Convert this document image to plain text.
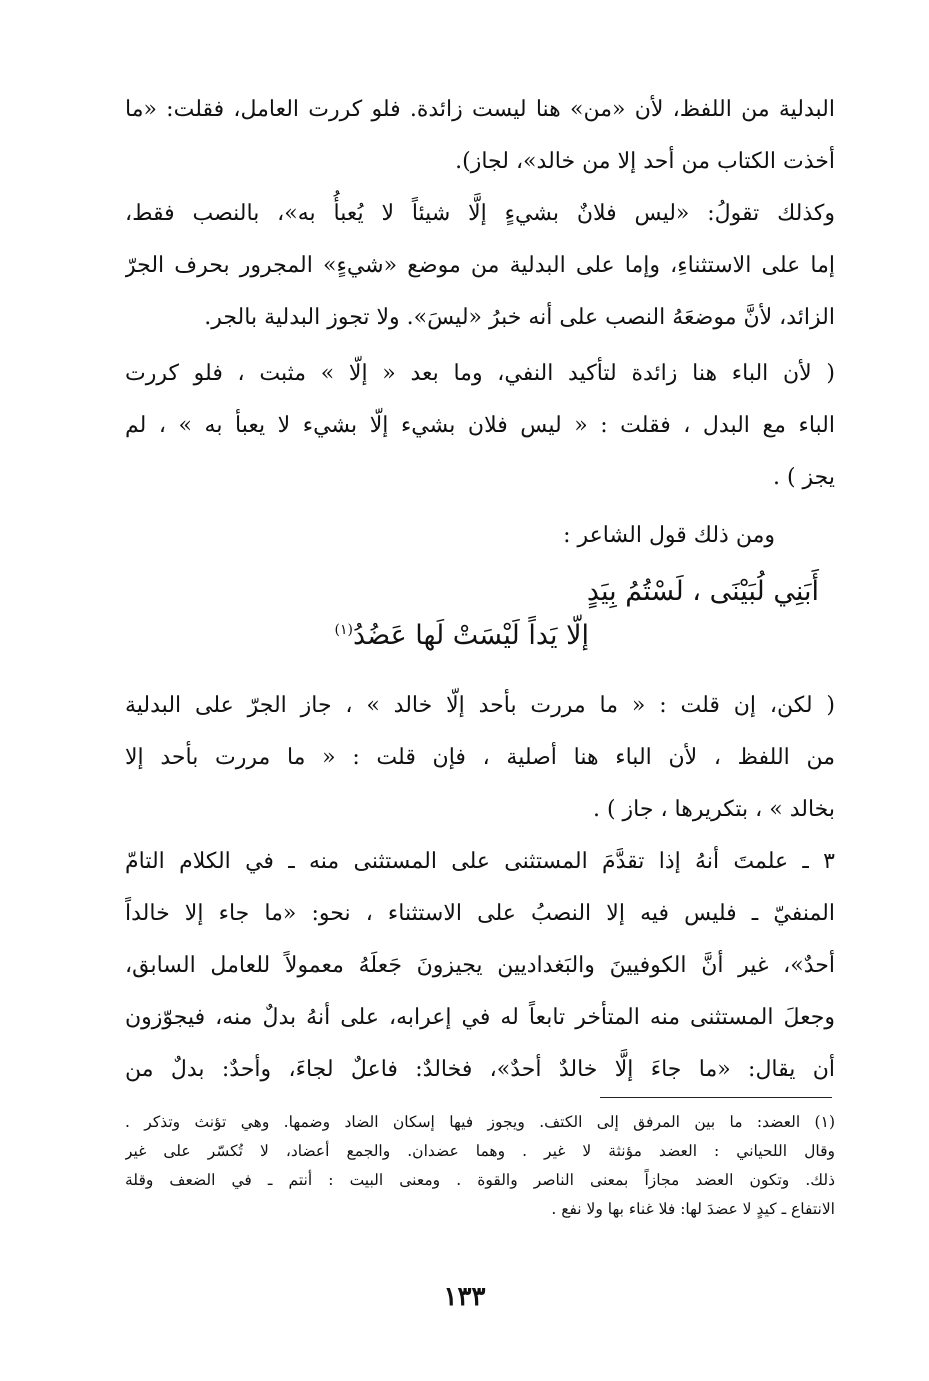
البدلية من اللفظ، لأن «من» هنا ليست زائدة. فلو كررت العامل، فقلت: «ما
أخذت الكتاب من أحد إلا من خالد»، لجاز).
وكذلك تقولُ: «ليس فلانٌ بشيءٍ إلَّا شيئاً لا يُعبأُ به»، بالنصب فقط،
إما على الاستثناءِ، وإما على البدلية من موضع «شيءٍ» المجرور بحرف الجرّ
الزائد، لأنَّ موضعَهُ النصب على أنه خبرُ «ليسَ». ولا تجوز البدلية بالجر.
( لأن الباء هنا زائدة لتأكيد النفي، وما بعد « إلّا » مثبت ، فلو كررت
الباء مع البدل ، فقلت : « ليس فلان بشيء إلّا بشيء لا يعبأ به » ، لم
يجز ) .
ومن ذلك قول الشاعر :
أَبَنِي لُبَيْنَى ، لَسْتُمُ بِيَدٍ
إلّا يَداً لَيْسَتْ لَها عَضُدُ$^{(١)}$
( لكن، إن قلت : « ما مررت بأحد إلّا خالد » ، جاز الجرّ على البدلية
من اللفظ ، لأن الباء هنا أصلية ، فإن قلت : « ما مررت بأحد إلا
بخالد » ، بتكريرها ، جاز ) .
٣ ـ علمتَ أنهُ إذا تقدَّمَ المستثنى على المستثنى منه ـ في الكلام التامّ
المنفيّ ـ فليس فيه إلا النصبُ على الاستثناء ، نحو: «ما جاء إلا خالداً
أحدٌ»، غير أنَّ الكوفيينَ والبَغداديين يجيزونَ جَعلَهُ معمولاً للعامل السابق،
وجعلَ المستثنى منه المتأخر تابعاً له في إعرابه، على أنهُ بدلٌ منه، فيجوّزون
أن يقال: «ما جاءَ إلَّا خالدٌ أحدٌ»، فخالدٌ: فاعلٌ لجاءَ، وأحدٌ: بدلٌ من
(١) العضد: ما بين المرفق إلى الكتف. ويجوز فيها إسكان الضاد وضمها. وهي تؤنث وتذكر .
وقال اللحياني : العضد مؤنثة لا غير . وهما عضدان. والجمع أعضاد، لا تُكسّر على غير
ذلك. وتكون العضد مجازاً بمعنى الناصر والقوة . ومعنى البيت : أنتم ـ في الضعف وقلة
الانتفاع ـ كيدٍ لا عضدَ لها: فلا غناء بها ولا نفع .
١٣٣
